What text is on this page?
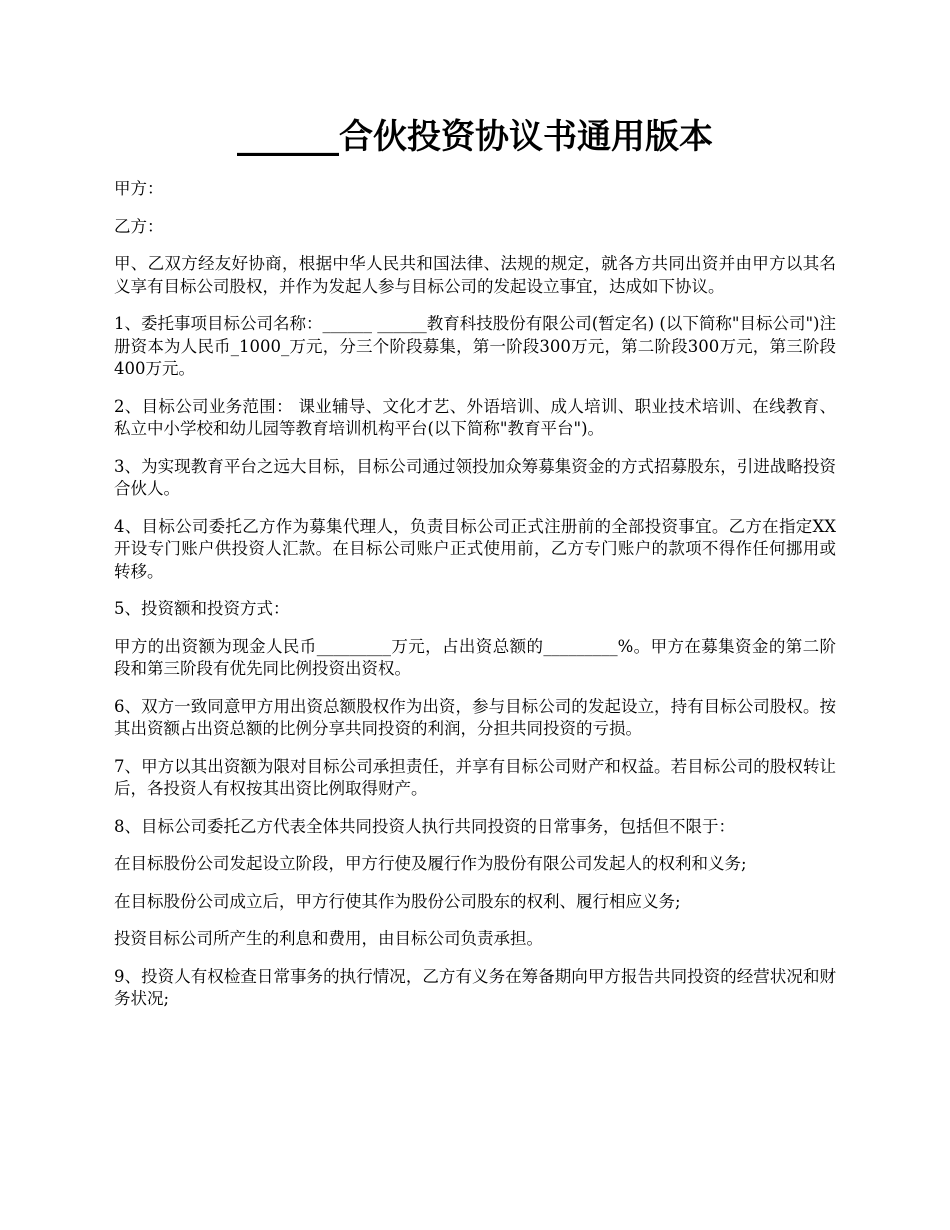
______合伙投资协议书通用版本

甲方：

乙方：

甲、乙双方经友好协商，根据中华人民共和国法律、法规的规定，就各方共同出资并由甲方以其名义享有目标公司股权，并作为发起人参与目标公司的发起设立事宜，达成如下协议。

1、委托事项目标公司名称：______ ______教育科技股份有限公司(暂定名) (以下简称"目标公司")注册资本为人民币_1000_万元，分三个阶段募集，第一阶段300万元，第二阶段300万元，第三阶段400万元。

2、目标公司业务范围： 课业辅导、文化才艺、外语培训、成人培训、职业技术培训、在线教育、私立中小学校和幼儿园等教育培训机构平台(以下简称"教育平台")。

3、为实现教育平台之远大目标，目标公司通过领投加众筹募集资金的方式招募股东，引进战略投资合伙人。

4、目标公司委托乙方作为募集代理人，负责目标公司正式注册前的全部投资事宜。乙方在指定XX开设专门账户供投资人汇款。在目标公司账户正式使用前，乙方专门账户的款项不得作任何挪用或转移。

5、投资额和投资方式：

甲方的出资额为现金人民币_________万元，占出资总额的_________%。甲方在募集资金的第二阶段和第三阶段有优先同比例投资出资权。

6、双方一致同意甲方用出资总额股权作为出资，参与目标公司的发起设立，持有目标公司股权。按其出资额占出资总额的比例分享共同投资的利润，分担共同投资的亏损。

7、甲方以其出资额为限对目标公司承担责任，并享有目标公司财产和权益。若目标公司的股权转让后，各投资人有权按其出资比例取得财产。

8、目标公司委托乙方代表全体共同投资人执行共同投资的日常事务，包括但不限于：

在目标股份公司发起设立阶段，甲方行使及履行作为股份有限公司发起人的权利和义务;

在目标股份公司成立后，甲方行使其作为股份公司股东的权利、履行相应义务;

投资目标公司所产生的利息和费用，由目标公司负责承担。

9、投资人有权检查日常事务的执行情况，乙方有义务在筹备期向甲方报告共同投资的经营状况和财务状况;
